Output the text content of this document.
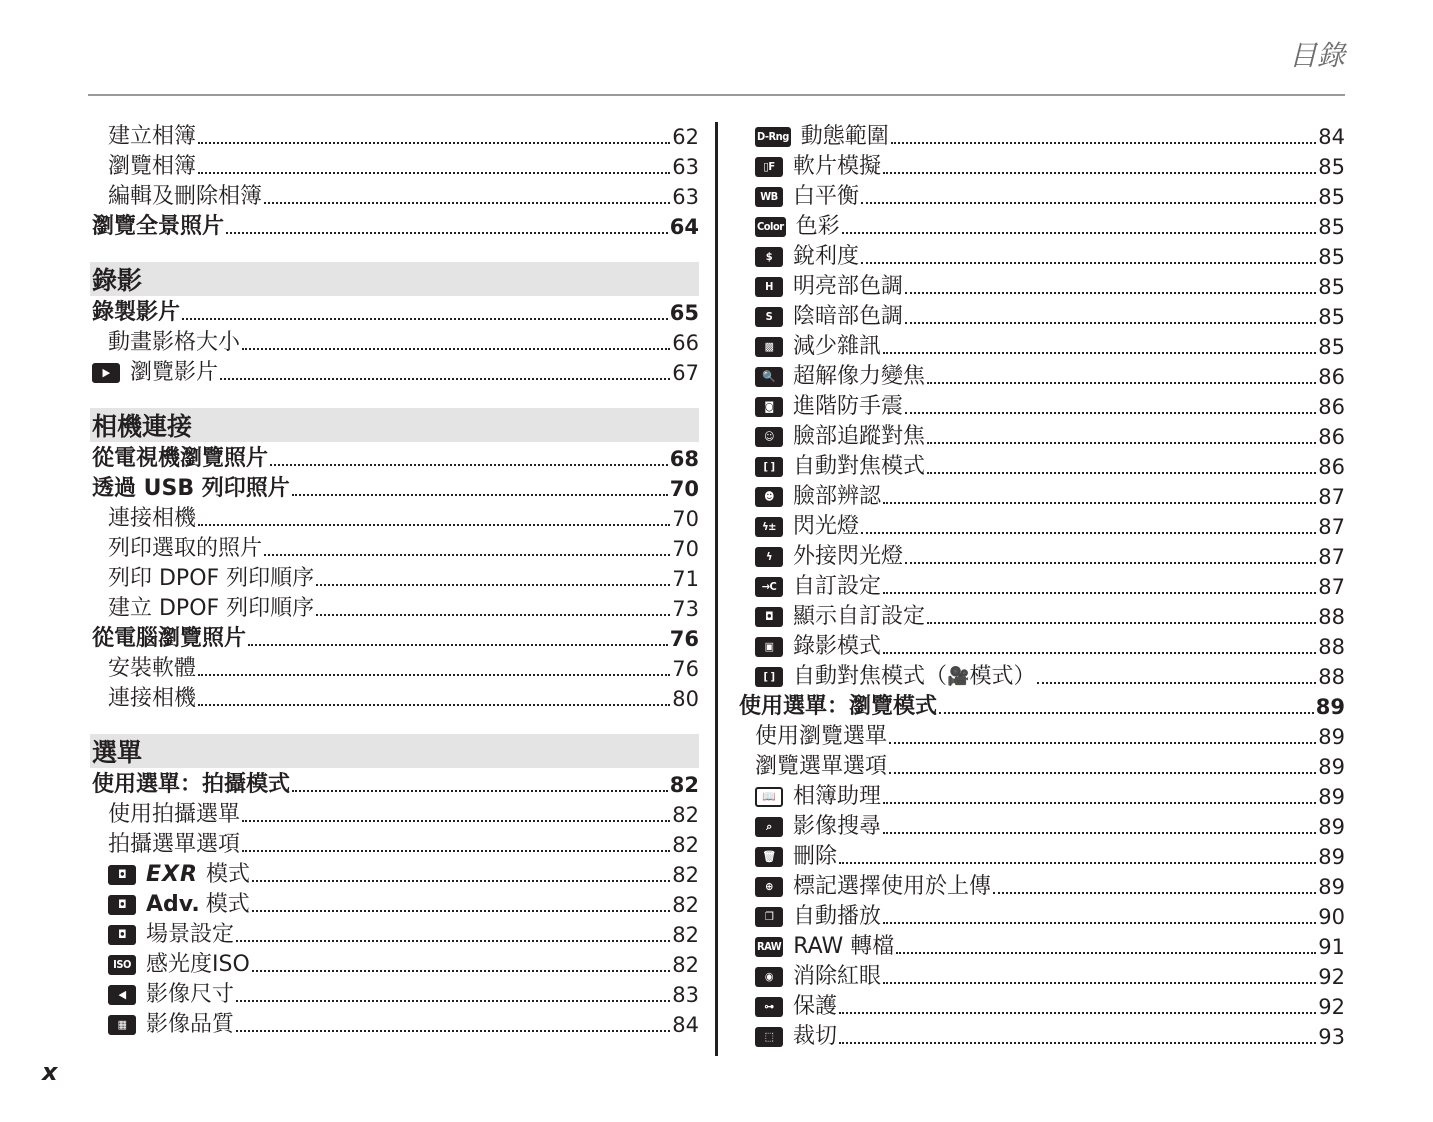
目錄
建立相簿	62
瀏覽相簿	63
編輯及刪除相簿	63
瀏覽全景照片	64
錄影
錄製影片	65
動畫影格大小	66
▶ 瀏覽影片	67
相機連接
從電視機瀏覽照片	68
透過 USB 列印照片	70
連接相機	70
列印選取的照片	70
列印 DPOF 列印順序	71
建立 DPOF 列印順序	73
從電腦瀏覽照片	76
安裝軟體	76
連接相機	80
選單
使用選單：拍攝模式	82
使用拍攝選單	82
拍攝選單選項	82
◘ EXR 模式	82
◘ Adv. 模式	82
◘ 場景設定	82
ISO 感光度ISO	82
◀ 影像尺寸	83
▦ 影像品質	84
D-Rng 動態範圍	84
▯F 軟片模擬	85
WB 白平衡	85
Color 色彩	85
$ 銳利度	85
H 明亮部色調	85
S 陰暗部色調	85
▩ 減少雜訊	85
🔍 超解像力變焦	86
◙ 進階防手震	86
☺ 臉部追蹤對焦	86
[ ] 自動對焦模式	86
☻ 臉部辨認	87
ϟ± 閃光燈	87
ϟ 外接閃光燈	87
→C 自訂設定	87
◘ 顯示自訂設定	88
▣ 錄影模式	88
[ ] 自動對焦模式（ 🎥 模式）	88
使用選單：瀏覽模式	89
使用瀏覽選單	89
瀏覽選單選項	89
📖 相簿助理	89
⌕ 影像搜尋	89
🗑 刪除	89
⊕ 標記選擇使用於上傳	89
❐ 自動播放	90
RAW RAW 轉檔	91
◉ 消除紅眼	92
⊶ 保護	92
⬚ 裁切	93
x
